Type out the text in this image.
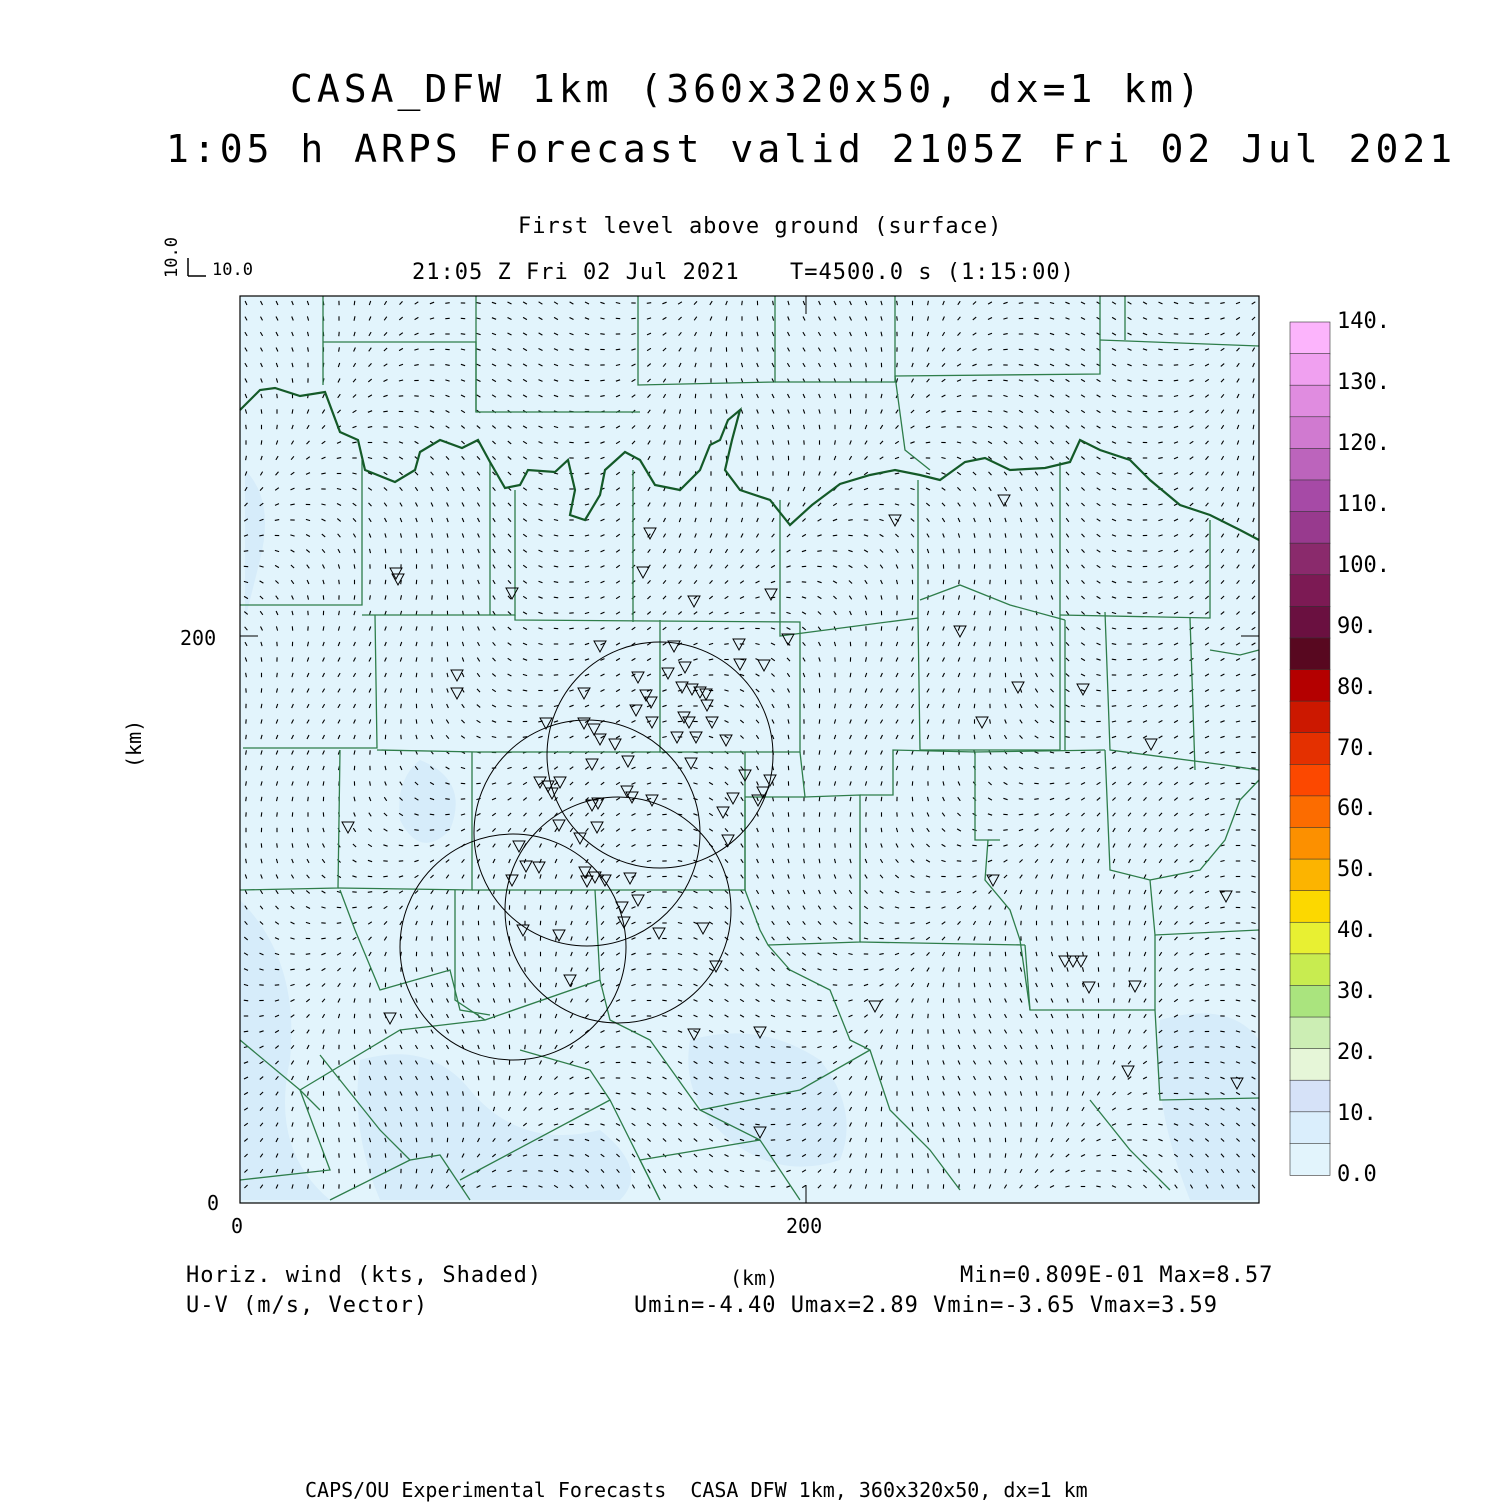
CASA_DFW 1km (360x320x50, dx=1 km)
1:05 h ARPS Forecast valid 2105Z Fri 02 Jul 2021
First level above ground (surface)
21:05 Z Fri 02 Jul 2021 T=4500.0 s (1:15:00)
10.0
10.0
200
0
0	200
(km)
140.
130.
120.
110.
100.
90.
80.
70.
60.
50.
40.
30.
20.
10.
0.0
Horiz. wind (kts, Shaded)
U-V (m/s, Vector)
(km)	Min=0.809E-01 Max=8.57
Umin=-4.40 Umax=2.89 Vmin=-3.65 Vmax=3.59
CAPS/OU Experimental Forecasts  CASA DFW 1km, 360x320x50, dx=1 km
